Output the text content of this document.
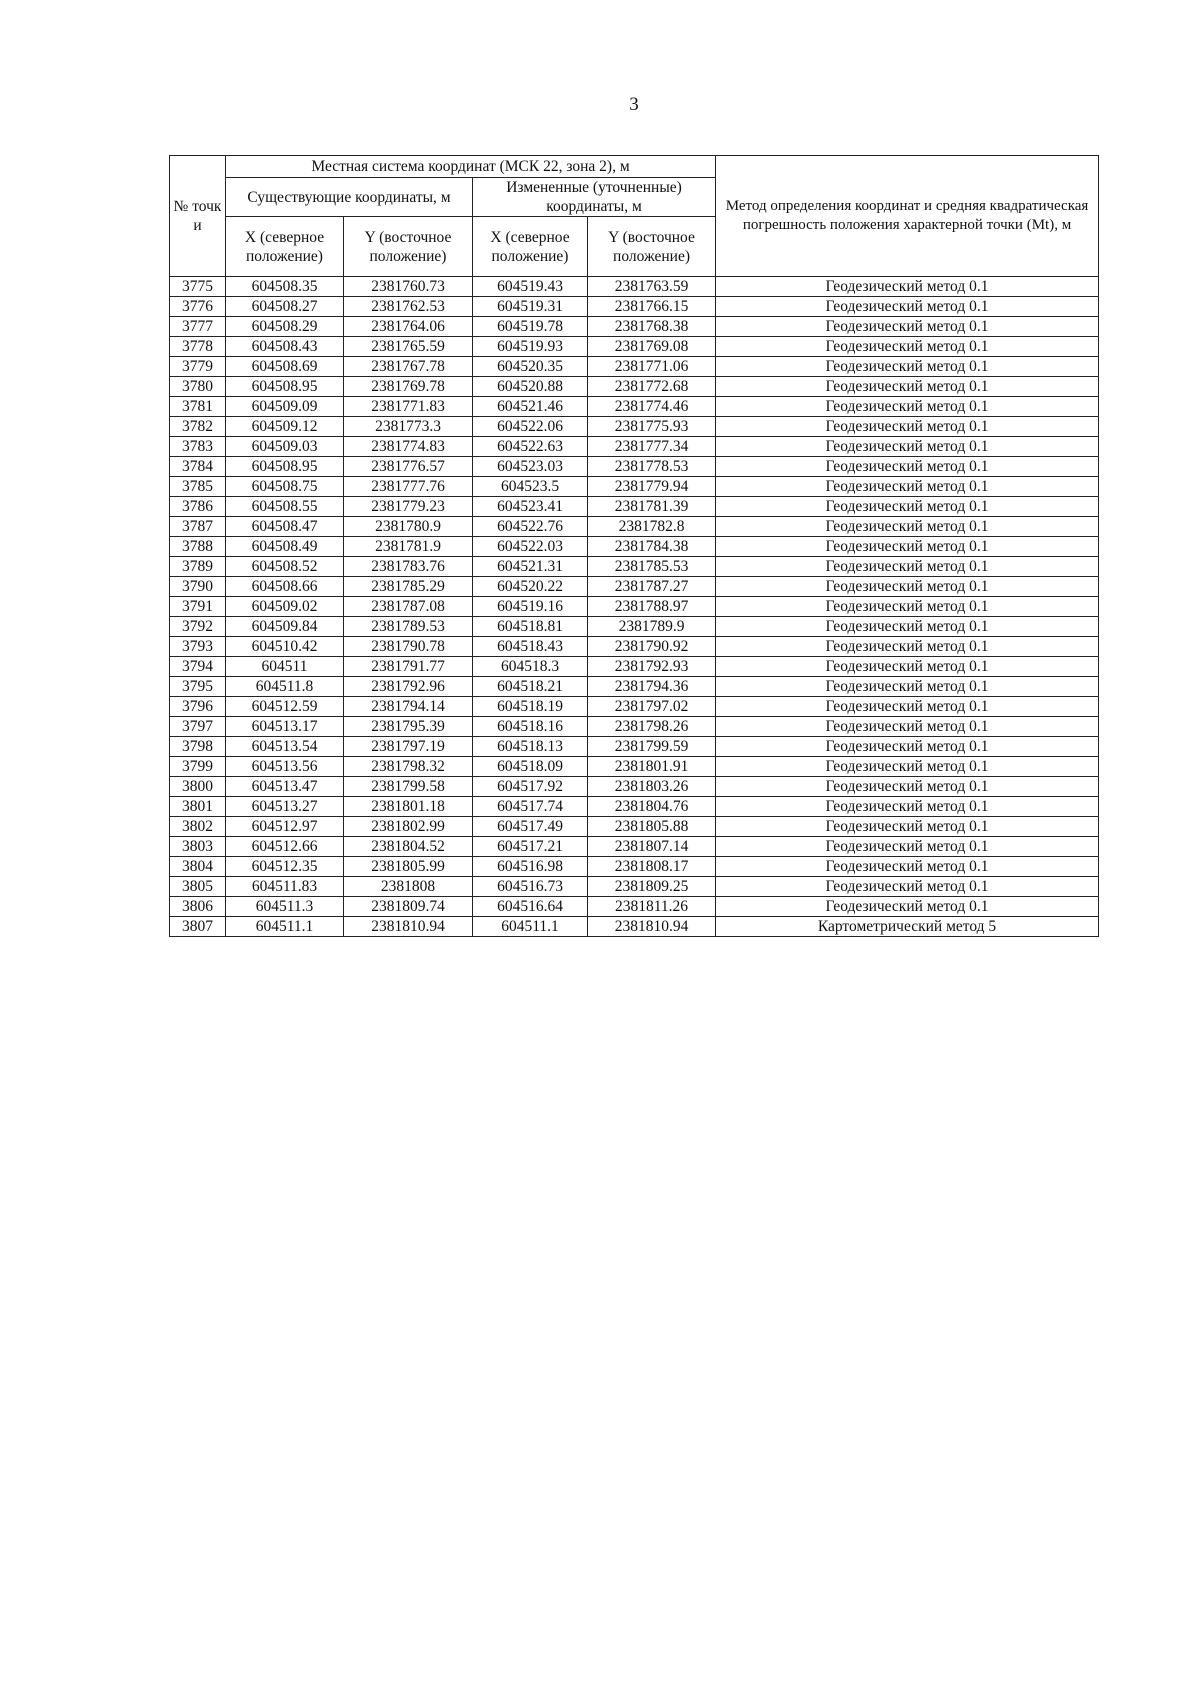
3
№ точки	Местная система координат (МСК 22, зона 2), м				Метод определения координат и средняя квадратическая погрешность положения характерной точки (Mt), м
	Существующие координаты, м		Измененные (уточненные) координаты, м		
	X (северное положение)	Y (восточное положение)	X (северное положение)	Y (восточное положение)	
3775	604508.35	2381760.73	604519.43	2381763.59	Геодезический метод 0.1
3776	604508.27	2381762.53	604519.31	2381766.15	Геодезический метод 0.1
3777	604508.29	2381764.06	604519.78	2381768.38	Геодезический метод 0.1
3778	604508.43	2381765.59	604519.93	2381769.08	Геодезический метод 0.1
3779	604508.69	2381767.78	604520.35	2381771.06	Геодезический метод 0.1
3780	604508.95	2381769.78	604520.88	2381772.68	Геодезический метод 0.1
3781	604509.09	2381771.83	604521.46	2381774.46	Геодезический метод 0.1
3782	604509.12	2381773.3	604522.06	2381775.93	Геодезический метод 0.1
3783	604509.03	2381774.83	604522.63	2381777.34	Геодезический метод 0.1
3784	604508.95	2381776.57	604523.03	2381778.53	Геодезический метод 0.1
3785	604508.75	2381777.76	604523.5	2381779.94	Геодезический метод 0.1
3786	604508.55	2381779.23	604523.41	2381781.39	Геодезический метод 0.1
3787	604508.47	2381780.9	604522.76	2381782.8	Геодезический метод 0.1
3788	604508.49	2381781.9	604522.03	2381784.38	Геодезический метод 0.1
3789	604508.52	2381783.76	604521.31	2381785.53	Геодезический метод 0.1
3790	604508.66	2381785.29	604520.22	2381787.27	Геодезический метод 0.1
3791	604509.02	2381787.08	604519.16	2381788.97	Геодезический метод 0.1
3792	604509.84	2381789.53	604518.81	2381789.9	Геодезический метод 0.1
3793	604510.42	2381790.78	604518.43	2381790.92	Геодезический метод 0.1
3794	604511	2381791.77	604518.3	2381792.93	Геодезический метод 0.1
3795	604511.8	2381792.96	604518.21	2381794.36	Геодезический метод 0.1
3796	604512.59	2381794.14	604518.19	2381797.02	Геодезический метод 0.1
3797	604513.17	2381795.39	604518.16	2381798.26	Геодезический метод 0.1
3798	604513.54	2381797.19	604518.13	2381799.59	Геодезический метод 0.1
3799	604513.56	2381798.32	604518.09	2381801.91	Геодезический метод 0.1
3800	604513.47	2381799.58	604517.92	2381803.26	Геодезический метод 0.1
3801	604513.27	2381801.18	604517.74	2381804.76	Геодезический метод 0.1
3802	604512.97	2381802.99	604517.49	2381805.88	Геодезический метод 0.1
3803	604512.66	2381804.52	604517.21	2381807.14	Геодезический метод 0.1
3804	604512.35	2381805.99	604516.98	2381808.17	Геодезический метод 0.1
3805	604511.83	2381808	604516.73	2381809.25	Геодезический метод 0.1
3806	604511.3	2381809.74	604516.64	2381811.26	Геодезический метод 0.1
3807	604511.1	2381810.94	604511.1	2381810.94	Картометрический метод 5
